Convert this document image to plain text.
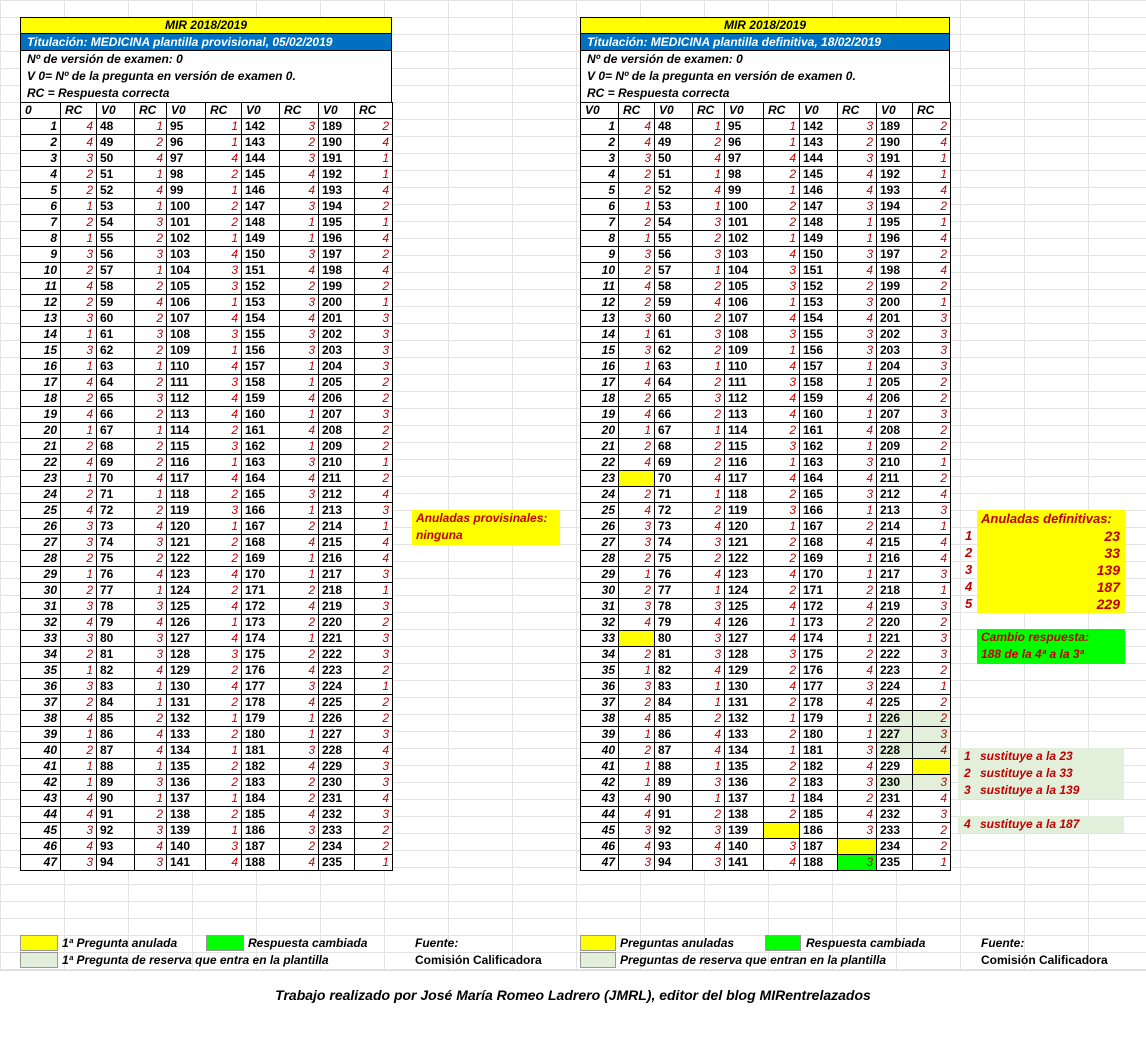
MIR 2018/2019
Titulación: MEDICINA plantilla provisional, 05/02/2019
Nº de versión de examen: 0
V 0= Nº de la pregunta en versión de examen 0.
RC = Respuesta correcta
0	RC	V0	RC	V0	RC	V0	RC	V0	RC
1	4	48	1	95	1	142	3	189	2
2	4	49	2	96	1	143	2	190	4
3	3	50	4	97	4	144	3	191	1
4	2	51	1	98	2	145	4	192	1
5	2	52	4	99	1	146	4	193	4
6	1	53	1	100	2	147	3	194	2
7	2	54	3	101	2	148	1	195	1
8	1	55	2	102	1	149	1	196	4
9	3	56	3	103	4	150	3	197	2
10	2	57	1	104	3	151	4	198	4
11	4	58	2	105	3	152	2	199	2
12	2	59	4	106	1	153	3	200	1
13	3	60	2	107	4	154	4	201	3
14	1	61	3	108	3	155	3	202	3
15	3	62	2	109	1	156	3	203	3
16	1	63	1	110	4	157	1	204	3
17	4	64	2	111	3	158	1	205	2
18	2	65	3	112	4	159	4	206	2
19	4	66	2	113	4	160	1	207	3
20	1	67	1	114	2	161	4	208	2
21	2	68	2	115	3	162	1	209	2
22	4	69	2	116	1	163	3	210	1
23	1	70	4	117	4	164	4	211	2
24	2	71	1	118	2	165	3	212	4
25	4	72	2	119	3	166	1	213	3
26	3	73	4	120	1	167	2	214	1
27	3	74	3	121	2	168	4	215	4
28	2	75	2	122	2	169	1	216	4
29	1	76	4	123	4	170	1	217	3
30	2	77	1	124	2	171	2	218	1
31	3	78	3	125	4	172	4	219	3
32	4	79	4	126	1	173	2	220	2
33	3	80	3	127	4	174	1	221	3
34	2	81	3	128	3	175	2	222	3
35	1	82	4	129	2	176	4	223	2
36	3	83	1	130	4	177	3	224	1
37	2	84	1	131	2	178	4	225	2
38	4	85	2	132	1	179	1	226	2
39	1	86	4	133	2	180	1	227	3
40	2	87	4	134	1	181	3	228	4
41	1	88	1	135	2	182	4	229	3
42	1	89	3	136	2	183	2	230	3
43	4	90	1	137	1	184	2	231	4
44	4	91	2	138	2	185	4	232	3
45	3	92	3	139	1	186	3	233	2
46	4	93	4	140	3	187	2	234	2
47	3	94	3	141	4	188	4	235	1
Anuladas provisinales:
ninguna
MIR 2018/2019
Titulación: MEDICINA plantilla definitiva, 18/02/2019
Nº de versión de examen: 0
V 0= Nº de la pregunta en versión de examen 0.
RC = Respuesta correcta
V0	RC	V0	RC	V0	RC	V0	RC	V0	RC
1	4	48	1	95	1	142	3	189	2
2	4	49	2	96	1	143	2	190	4
3	3	50	4	97	4	144	3	191	1
4	2	51	1	98	2	145	4	192	1
5	2	52	4	99	1	146	4	193	4
6	1	53	1	100	2	147	3	194	2
7	2	54	3	101	2	148	1	195	1
8	1	55	2	102	1	149	1	196	4
9	3	56	3	103	4	150	3	197	2
10	2	57	1	104	3	151	4	198	4
11	4	58	2	105	3	152	2	199	2
12	2	59	4	106	1	153	3	200	1
13	3	60	2	107	4	154	4	201	3
14	1	61	3	108	3	155	3	202	3
15	3	62	2	109	1	156	3	203	3
16	1	63	1	110	4	157	1	204	3
17	4	64	2	111	3	158	1	205	2
18	2	65	3	112	4	159	4	206	2
19	4	66	2	113	4	160	1	207	3
20	1	67	1	114	2	161	4	208	2
21	2	68	2	115	3	162	1	209	2
22	4	69	2	116	1	163	3	210	1
23		70	4	117	4	164	4	211	2
24	2	71	1	118	2	165	3	212	4
25	4	72	2	119	3	166	1	213	3
26	3	73	4	120	1	167	2	214	1
27	3	74	3	121	2	168	4	215	4
28	2	75	2	122	2	169	1	216	4
29	1	76	4	123	4	170	1	217	3
30	2	77	1	124	2	171	2	218	1
31	3	78	3	125	4	172	4	219	3
32	4	79	4	126	1	173	2	220	2
33		80	3	127	4	174	1	221	3
34	2	81	3	128	3	175	2	222	3
35	1	82	4	129	2	176	4	223	2
36	3	83	1	130	4	177	3	224	1
37	2	84	1	131	2	178	4	225	2
38	4	85	2	132	1	179	1	226	2
39	1	86	4	133	2	180	1	227	3
40	2	87	4	134	1	181	3	228	4
41	1	88	1	135	2	182	4	229	
42	1	89	3	136	2	183	3	230	3
43	4	90	1	137	1	184	2	231	4
44	4	91	2	138	2	185	4	232	3
45	3	92	3	139		186	3	233	2
46	4	93	4	140	3	187		234	2
47	3	94	3	141	4	188	3	235	1
Anuladas definitivas:
1	23
2	33
3	139
4	187
5	229
Cambio respuesta:
188 de la 4ª a la 3ª
1 sustituye a la 23
2 sustituye a la 33
3 sustituye a la 139
4 sustituye a la 187
1ª Pregunta anulada	Respuesta cambiada
1ª Pregunta de reserva que entra en la plantilla
Fuente:
Comisión Calificadora
Preguntas anuladas	Respuesta cambiada
Preguntas de reserva que entran en la plantilla
Fuente:
Comisión Calificadora
Trabajo realizado por José María Romeo Ladrero (JMRL), editor del blog MIRentrelazados
